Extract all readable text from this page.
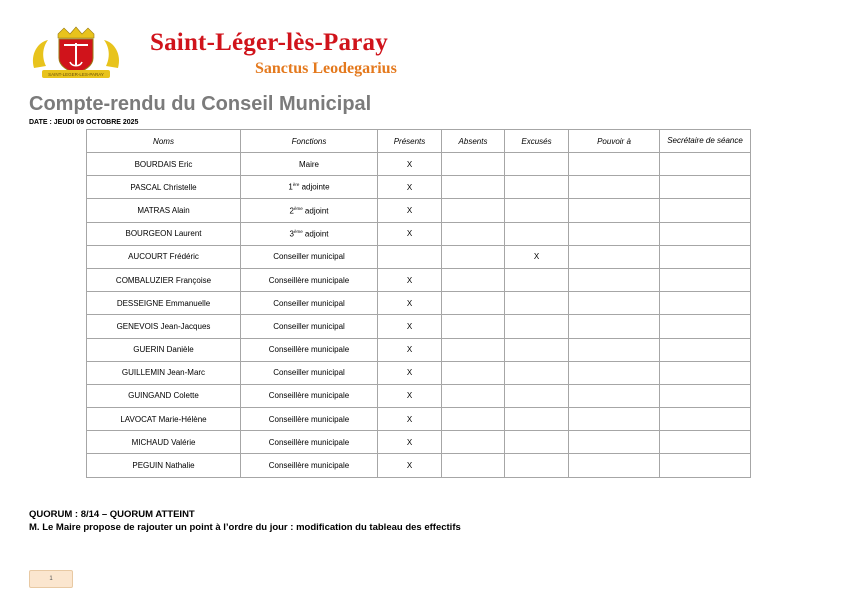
SAINT-LEGER-LES-PARAY
Saint-Léger-lès-Paray
Sanctus Leodegarius
Compte-rendu du Conseil Municipal
DATE : JEUDI 09 OCTOBRE 2025
Noms	Fonctions	Présents	Absents	Excusés	Pouvoir à	Secrétaire de séance
BOURDAIS Eric	Maire	X				
PASCAL Christelle	1ère adjointe	X				
MATRAS Alain	2ème adjoint	X				
BOURGEON Laurent	3ème adjoint	X				
AUCOURT Frédéric	Conseiller municipal			X		
COMBALUZIER Françoise	Conseillère municipale	X				
DESSEIGNE Emmanuelle	Conseiller municipal	X				
GENEVOIS Jean-Jacques	Conseiller municipal	X				
GUERIN Danièle	Conseillère municipale	X				
GUILLEMIN Jean-Marc	Conseiller municipal	X				
GUINGAND Colette	Conseillère municipale	X				
LAVOCAT Marie-Hélène	Conseillère municipale	X				
MICHAUD Valérie	Conseillère municipale	X				
PEGUIN Nathalie	Conseillère municipale	X				
QUORUM : 8/14 – QUORUM ATTEINT
M. Le Maire propose de rajouter un point à l’ordre du jour : modification du tableau des effectifs
1
